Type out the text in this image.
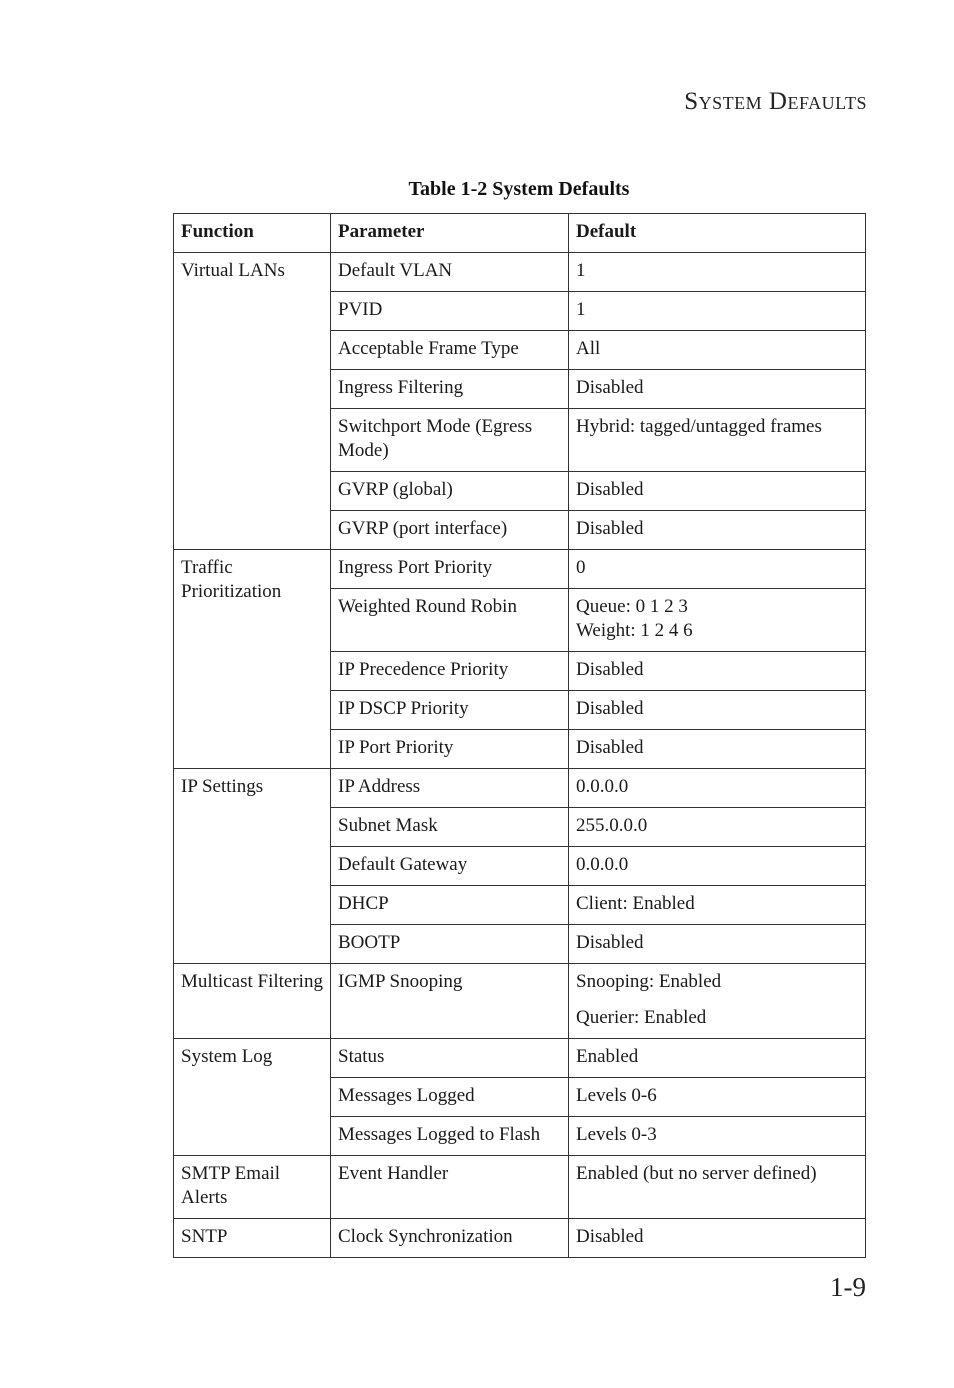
System Defaults
Table 1-2 System Defaults
Function	Parameter	Default
Virtual LANs	Default VLAN	1
	PVID	1
	Acceptable Frame Type	All
	Ingress Filtering	Disabled
	Switchport Mode (Egress Mode)	Hybrid: tagged/untagged frames
	GVRP (global)	Disabled
	GVRP (port interface)	Disabled
Traffic Prioritization	Ingress Port Priority	0
	Weighted Round Robin	Queue: 0 1 2 3
Weight: 1 2 4 6

	IP Precedence Priority	Disabled
	IP DSCP Priority	Disabled
	IP Port Priority	Disabled
IP Settings	IP Address	0.0.0.0
	Subnet Mask	255.0.0.0
	Default Gateway	0.0.0.0
	DHCP	Client: Enabled
	BOOTP	Disabled
Multicast Filtering	IGMP Snooping	Snooping: Enabled
Querier: Enabled

System Log	Status	Enabled
	Messages Logged	Levels 0-6
	Messages Logged to Flash	Levels 0-3
SMTP Email Alerts	Event Handler	Enabled (but no server defined)
SNTP	Clock Synchronization	Disabled
1-9
